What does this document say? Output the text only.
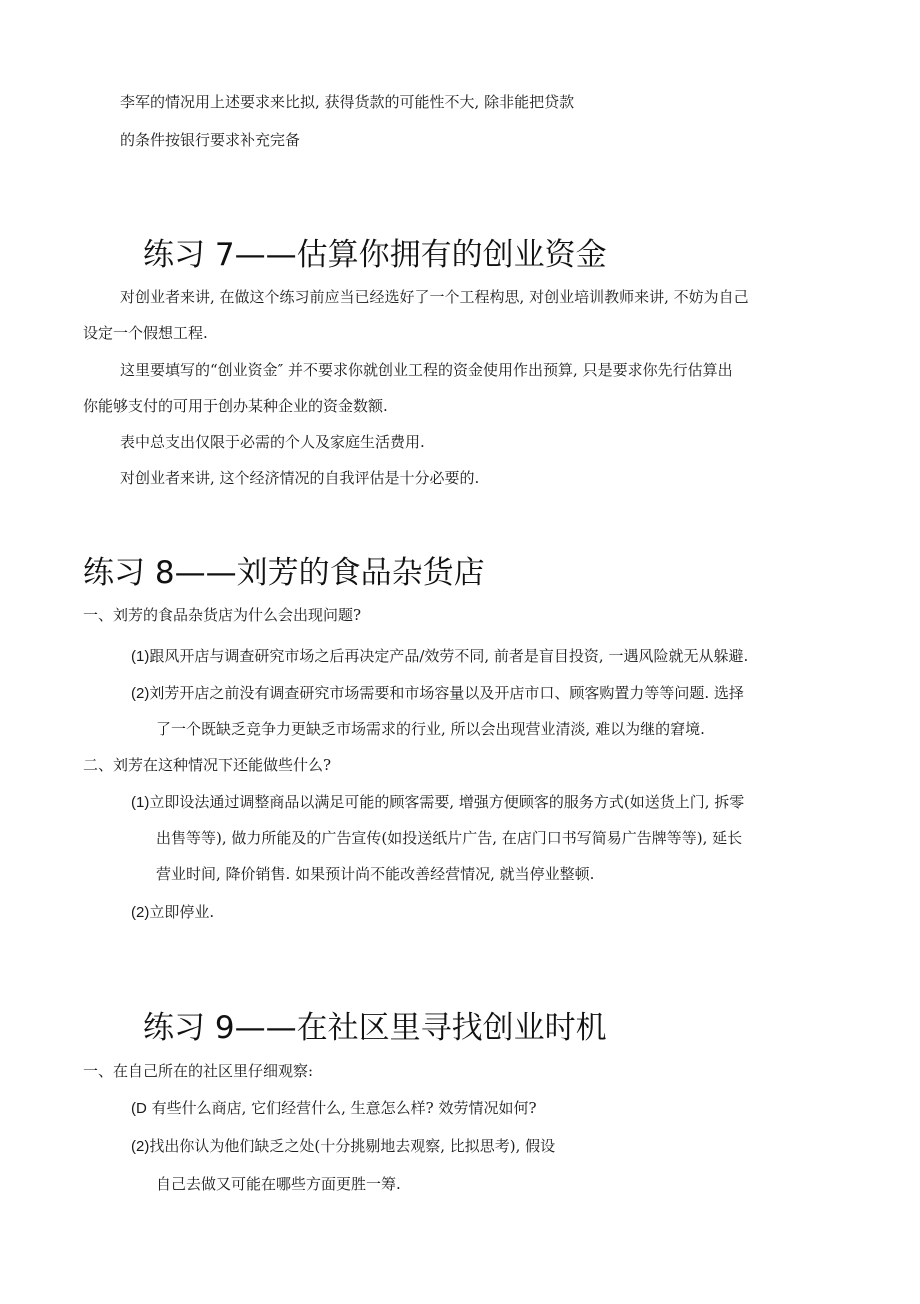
李军的情况用上述要求来比拟, 获得货款的可能性不大, 除非能把贷款
的条件按银行要求补充完备
练习 7——估算你拥有的创业资金
对创业者来讲, 在做这个练习前应当已经选好了一个工程构思, 对创业培训教师来讲, 不妨为自己
设定一个假想工程.
这里要填写的“创业资金″ 并不要求你就创业工程的资金使用作出预算, 只是要求你先行估算出
你能够支付的可用于创办某种企业的资金数额.
表中总支出仅限于必需的个人及家庭生活费用.
对创业者来讲, 这个经济情况的自我评估是十分必要的.
练习 8——刘芳的食品杂货店
一、刘芳的食品杂货店为什么会出现问题?
(1)跟风开店与调查研究市场之后再决定产品/效劳不同, 前者是盲目投资, 一遇风险就无从躲避.
(2)刘芳开店之前没有调查研究市场需要和市场容量以及开店市口、顾客购置力等等问题. 选择
了一个既缺乏竞争力更缺乏市场需求的行业, 所以会出现营业清淡, 难以为继的窘境.
二、刘芳在这种情况下还能做些什么?
(1)立即设法通过调整商品以满足可能的顾客需要, 增强方便顾客的服务方式(如送货上门, 拆零
出售等等), 做力所能及的广告宣传(如投送纸片广告, 在店门口书写简易广告牌等等), 延长
营业时间, 降价销售. 如果预计尚不能改善经营情况, 就当停业整顿.
(2)立即停业.
练习 9——在社区里寻找创业时机
一、在自己所在的社区里仔细观察:
(D 有些什么商店, 它们经营什么, 生意怎么样? 效劳情况如何?
(2)找出你认为他们缺乏之处(十分挑剔地去观察, 比拟思考), 假设
自己去做又可能在哪些方面更胜一筹.
